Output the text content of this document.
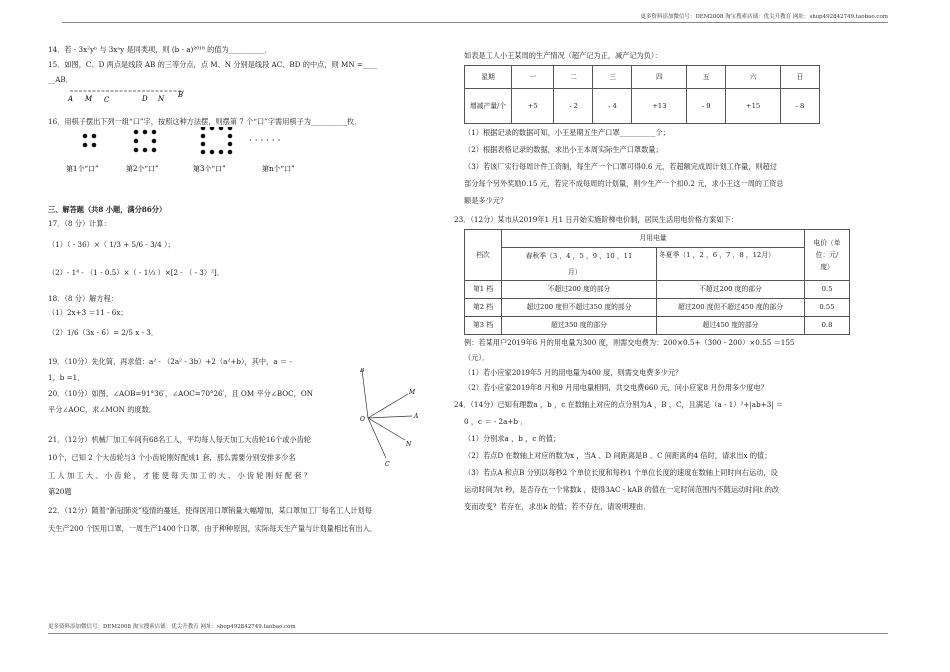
更多资料添加微信号：DEM2008 淘宝搜索店铺：优尖升教育 网址：shop492842749.taobao.com
14．若 - 3x²yᵇ 与 3xᵃy 是同类项，则 (b - a)²⁰¹⁸ 的值为__________．
15．如图，C、D 两点是线段 AB 的三等分点，点 M、N 分别是线段 AC、BD 的中点，则 MN =____
__AB．
A M C	D N B
16．用棋子摆出下列一组“口”字，按照这种方法摆，则摆第 7 个“口”字需用棋子为__________枚．
· · · · · ·
第1个“口”	第2个“口”	第3个“口”	第n个“口”
三、解答题（共8 小题，满分86分）
17．（8 分）计算：
（1）（ - 36）×（ 1/3 + 5/6 - 3/4 ）；
（2）- 1⁴ - （1 - 0.5）×（ - 1⅓ ）×[2 - （ - 3）²]．
18．（8 分）解方程：
（1）2x+3 ＝11 - 6x；
（2）1/6（3x - 6）= 2/5 x - 3．
19．（10分）先化简，再求值：a² - （2a² - 3b）+2（a²+b），其中，a ＝ -
1，b =1．
20．（10分）如图，∠AOB=91°36′，∠AOC=70°26′，且 OM 平分∠BOC，ON
平分∠AOC，求∠MON 的度数．
B
M
A
N
C
O
21．（12分）机械厂加工车间有68名工人，平均每人每天加工大齿轮16个或小齿轮
10个，已知 2 个大齿轮与3 个小齿轮刚好配成1 套，那么需要分别安排多少名
工 人 加 工 大 、 小 齿 轮 ， 才 能 使 每 天 加 工 的 大 、 小 齿 轮 刚 好 配 套 ？
第20题
22．（12分）随着“新冠肺炎”疫情的蔓延，使得医用口罩销量大幅增加，某口罩加工厂每名工人计划每
天生产200 个医用口罩，一周生产1400个口罩．由于种种原因，实际每天生产量与计划量相比有出入．
如表是工人小王某周的生产情况（超产记为正，减产记为负）：
星期	一	二	三	四	五	六	日
增减产量/个	+5	- 2	- 4	+13	- 9	+15	- 8
（1）根据记录的数据可知，小王星期五生产口罩__________个；
（2）根据表格记录的数据，求出小王本周实际生产口罩数量；
（3）若该厂实行每周计件工资制，每生产一个口罩可得0.6 元，若超额完成周计划工作量，则超过
部分每个另外奖励0.15 元，若完不成每周的计划量，则少生产一个扣0.2 元，求小王这一周的工资总
额是多少元？
23．（12分）某市从2019年1 月1 日开始实施阶梯电价制，居民生活用电价格方案如下：
档次	月用电量		电价（单
位：元/
度）

	春秋季（3 ，4 ，5 ，9 ，10 ，11
月）	冬夏季（1 ，2 ，6 ，7 ，8 ，12月）	
第1 档	不超过200 度的部分	不超过200 度的部分	0.5
第2 档	超过200 度但不超过350 度的部分	超过200 度但不超过450 度的部分	0.55
第3 档	超过350 度的部分	超过450 度的部分	0.8
例：若某用户2019年6 月的用电量为300 度，则需交电费为：200×0.5+（300 - 200）×0.55 ＝155
（元）．
（1）若小应家2019年5 月的用电量为400 度，则需交电费多少元？
（2）若小应家2019年8 月和9 月用电量相同，共交电费660 元，问小应家8 月份用多少度电？
24．（14分）已知有理数a ，b ，c 在数轴上对应的点分别为A ，B ，C，且满足（a - 1）²+|ab+3| ＝
0 ，c ＝ - 2a+b ．
（1）分别求a ，b ，c 的值；
（2）若点D 在数轴上对应的数为x ，当A 、D 间距离是B 、C 间距离的4 倍时，请求出x 的值；
（3）若点A 和点B 分别以每秒2 个单位长度和每秒1 个单位长度的速度在数轴上同时向右运动，设
运动时间为t 秒，是否存在一个常数k ，使得3AC - kAB 的值在一定时间范围内不随运动时间t 的改
变而改变？若存在，求出k 的值；若不存在，请说明理由．
更多资料添加微信号：DEM2008 淘宝搜索店铺：优尖升教育 网址：shop492842749.taobao.com
